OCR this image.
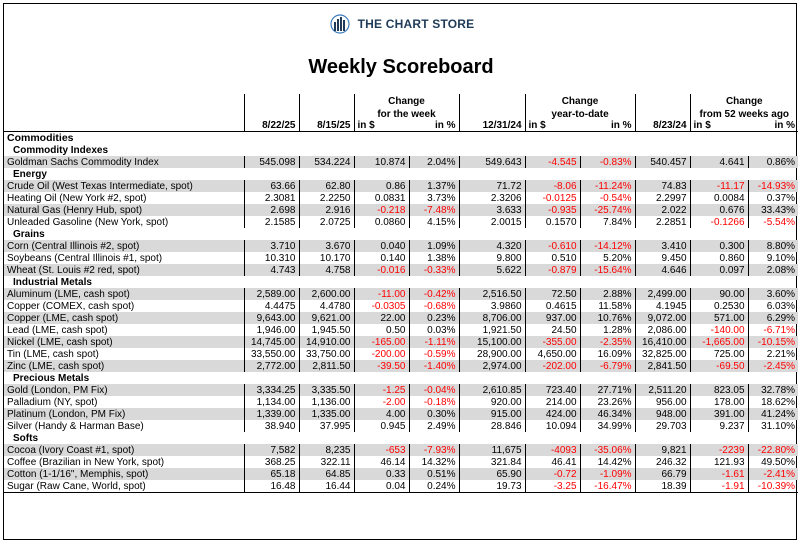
THE CHART STORE
Weekly Scoreboard
			Change			Change			Change	
			for the week			year-to-date			from 52 weeks ago	
	8/22/25	8/15/25	in $	in %	12/31/24	in $	in %	8/23/24	in $	in %
Commodities										
Commodity Indexes										
Goldman Sachs Commodity Index	545.098	534.224	10.874	2.04%	549.643	-4.545	-0.83%	540.457	4.641	0.86%
Energy										
Crude Oil (West Texas Intermediate, spot)	63.66	62.80	0.86	1.37%	71.72	-8.06	-11.24%	74.83	-11.17	-14.93%
Heating Oil (New York #2, spot)	2.3081	2.2250	0.0831	3.73%	2.3206	-0.0125	-0.54%	2.2997	0.0084	0.37%
Natural Gas (Henry Hub, spot)	2.698	2.916	-0.218	-7.48%	3.633	-0.935	-25.74%	2.022	0.676	33.43%
Unleaded Gasoline (New York, spot)	2.1585	2.0725	0.0860	4.15%	2.0015	0.1570	7.84%	2.2851	-0.1266	-5.54%
Grains										
Corn (Central Illinois #2, spot)	3.710	3.670	0.040	1.09%	4.320	-0.610	-14.12%	3.410	0.300	8.80%
Soybeans (Central Illinois #1, spot)	10.310	10.170	0.140	1.38%	9.800	0.510	5.20%	9.450	0.860	9.10%
Wheat (St. Louis #2 red, spot)	4.743	4.758	-0.016	-0.33%	5.622	-0.879	-15.64%	4.646	0.097	2.08%
Industrial Metals										
Aluminum (LME, cash spot)	2,589.00	2,600.00	-11.00	-0.42%	2,516.50	72.50	2.88%	2,499.00	90.00	3.60%
Copper (COMEX, cash spot)	4.4475	4.4780	-0.0305	-0.68%	3.9860	0.4615	11.58%	4.1945	0.2530	6.03%
Copper (LME, cash spot)	9,643.00	9,621.00	22.00	0.23%	8,706.00	937.00	10.76%	9,072.00	571.00	6.29%
Lead (LME, cash spot)	1,946.00	1,945.50	0.50	0.03%	1,921.50	24.50	1.28%	2,086.00	-140.00	-6.71%
Nickel (LME, cash spot)	14,745.00	14,910.00	-165.00	-1.11%	15,100.00	-355.00	-2.35%	16,410.00	-1,665.00	-10.15%
Tin (LME, cash spot)	33,550.00	33,750.00	-200.00	-0.59%	28,900.00	4,650.00	16.09%	32,825.00	725.00	2.21%
Zinc (LME, cash spot)	2,772.00	2,811.50	-39.50	-1.40%	2,974.00	-202.00	-6.79%	2,841.50	-69.50	-2.45%
Precious Metals										
Gold (London, PM Fix)	3,334.25	3,335.50	-1.25	-0.04%	2,610.85	723.40	27.71%	2,511.20	823.05	32.78%
Palladium (NY, spot)	1,134.00	1,136.00	-2.00	-0.18%	920.00	214.00	23.26%	956.00	178.00	18.62%
Platinum (London, PM Fix)	1,339.00	1,335.00	4.00	0.30%	915.00	424.00	46.34%	948.00	391.00	41.24%
Silver (Handy & Harman Base)	38.940	37.995	0.945	2.49%	28.846	10.094	34.99%	29.703	9.237	31.10%
Softs										
Cocoa (Ivory Coast #1, spot)	7,582	8,235	-653	-7.93%	11,675	-4093	-35.06%	9,821	-2239	-22.80%
Coffee (Brazilian in New York, spot)	368.25	322.11	46.14	14.32%	321.84	46.41	14.42%	246.32	121.93	49.50%
Cotton (1-1/16", Memphis, spot)	65.18	64.85	0.33	0.51%	65.90	-0.72	-1.09%	66.79	-1.61	-2.41%
Sugar (Raw Cane, World, spot)	16.48	16.44	0.04	0.24%	19.73	-3.25	-16.47%	18.39	-1.91	-10.39%
